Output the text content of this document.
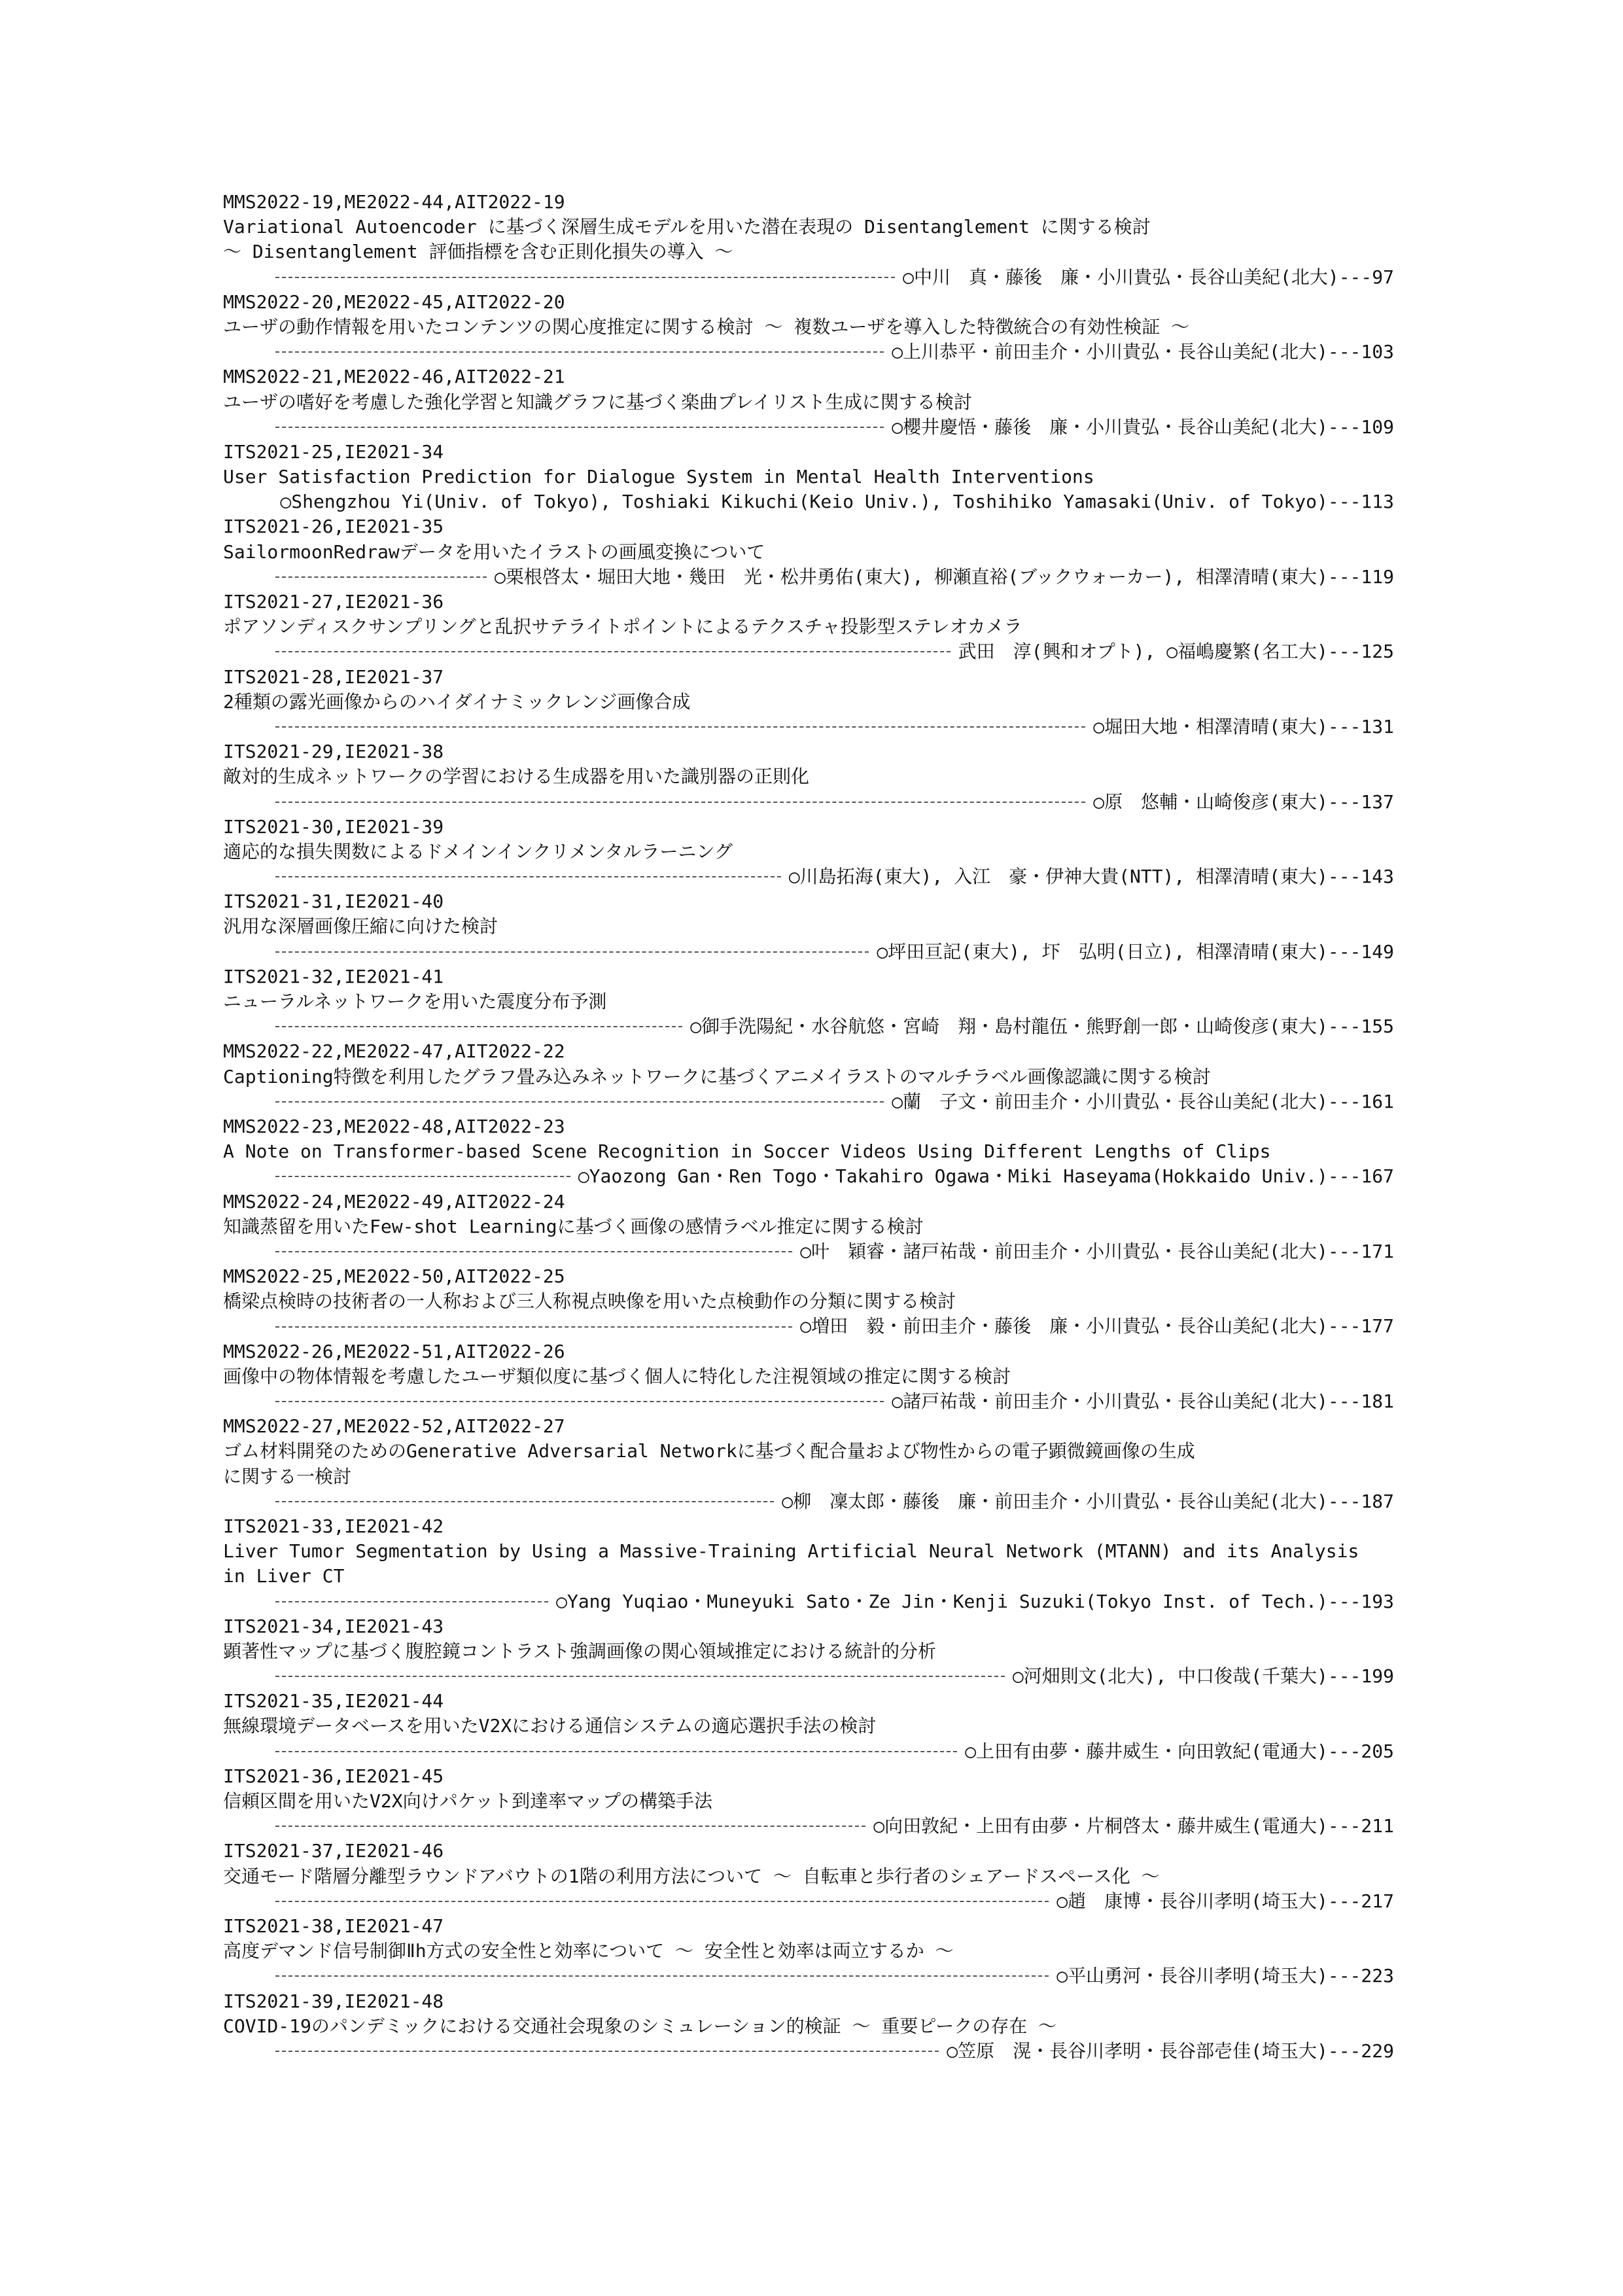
MMS2022-19,ME2022-44,AIT2022-19
Variational Autoencoder に基づく深層生成モデルを用いた潜在表現の Disentanglement に関する検討
〜 Disentanglement 評価指標を含む正則化損失の導入 〜
○中川　真・藤後　廉・小川貴弘・長谷山美紀(北大) --- 97
MMS2022-20,ME2022-45,AIT2022-20
ユーザの動作情報を用いたコンテンツの関心度推定に関する検討 〜 複数ユーザを導入した特徴統合の有効性検証 〜
○上川恭平・前田圭介・小川貴弘・長谷山美紀(北大) --- 103
MMS2022-21,ME2022-46,AIT2022-21
ユーザの嗜好を考慮した強化学習と知識グラフに基づく楽曲プレイリスト生成に関する検討
○櫻井慶悟・藤後　廉・小川貴弘・長谷山美紀(北大) --- 109
ITS2021-25,IE2021-34
User Satisfaction Prediction for Dialogue System in Mental Health Interventions
○Shengzhou Yi(Univ. of Tokyo), Toshiaki Kikuchi(Keio Univ.), Toshihiko Yamasaki(Univ. of Tokyo) --- 113
ITS2021-26,IE2021-35
SailormoonRedrawデータを用いたイラストの画風変換について
○栗根啓太・堀田大地・幾田　光・松井勇佑(東大), 柳瀬直裕(ブックウォーカー), 相澤清晴(東大) --- 119
ITS2021-27,IE2021-36
ポアソンディスクサンプリングと乱択サテライトポイントによるテクスチャ投影型ステレオカメラ
武田　淳(興和オプト), ○福嶋慶繁(名工大) --- 125
ITS2021-28,IE2021-37
2種類の露光画像からのハイダイナミックレンジ画像合成
○堀田大地・相澤清晴(東大) --- 131
ITS2021-29,IE2021-38
敵対的生成ネットワークの学習における生成器を用いた識別器の正則化
○原　悠輔・山崎俊彦(東大) --- 137
ITS2021-30,IE2021-39
適応的な損失関数によるドメインインクリメンタルラーニング
○川島拓海(東大), 入江　豪・伊神大貴(NTT), 相澤清晴(東大) --- 143
ITS2021-31,IE2021-40
汎用な深層画像圧縮に向けた検討
○坪田亘記(東大), 圷　弘明(日立), 相澤清晴(東大) --- 149
ITS2021-32,IE2021-41
ニューラルネットワークを用いた震度分布予測
○御手洗陽紀・水谷航悠・宮崎　翔・島村龍伍・熊野創一郎・山崎俊彦(東大) --- 155
MMS2022-22,ME2022-47,AIT2022-22
Captioning特徴を利用したグラフ畳み込みネットワークに基づくアニメイラストのマルチラベル画像認識に関する検討
○蘭　子文・前田圭介・小川貴弘・長谷山美紀(北大) --- 161
MMS2022-23,ME2022-48,AIT2022-23
A Note on Transformer-based Scene Recognition in Soccer Videos Using Different Lengths of Clips
○Yaozong Gan・Ren Togo・Takahiro Ogawa・Miki Haseyama(Hokkaido Univ.) --- 167
MMS2022-24,ME2022-49,AIT2022-24
知識蒸留を用いたFew-shot Learningに基づく画像の感情ラベル推定に関する検討
○叶　穎睿・諸戸祐哉・前田圭介・小川貴弘・長谷山美紀(北大) --- 171
MMS2022-25,ME2022-50,AIT2022-25
橋梁点検時の技術者の一人称および三人称視点映像を用いた点検動作の分類に関する検討
○増田　毅・前田圭介・藤後　廉・小川貴弘・長谷山美紀(北大) --- 177
MMS2022-26,ME2022-51,AIT2022-26
画像中の物体情報を考慮したユーザ類似度に基づく個人に特化した注視領域の推定に関する検討
○諸戸祐哉・前田圭介・小川貴弘・長谷山美紀(北大) --- 181
MMS2022-27,ME2022-52,AIT2022-27
ゴム材料開発のためのGenerative Adversarial Networkに基づく配合量および物性からの電子顕微鏡画像の生成
に関する一検討
○柳　凜太郎・藤後　廉・前田圭介・小川貴弘・長谷山美紀(北大) --- 187
ITS2021-33,IE2021-42
Liver Tumor Segmentation by Using a Massive-Training Artificial Neural Network (MTANN) and its Analysis
in Liver CT
○Yang Yuqiao・Muneyuki Sato・Ze Jin・Kenji Suzuki(Tokyo Inst. of Tech.) --- 193
ITS2021-34,IE2021-43
顕著性マップに基づく腹腔鏡コントラスト強調画像の関心領域推定における統計的分析
○河畑則文(北大), 中口俊哉(千葉大) --- 199
ITS2021-35,IE2021-44
無線環境データベースを用いたV2Xにおける通信システムの適応選択手法の検討
○上田有由夢・藤井威生・向田敦紀(電通大) --- 205
ITS2021-36,IE2021-45
信頼区間を用いたV2X向けパケット到達率マップの構築手法
○向田敦紀・上田有由夢・片桐啓太・藤井威生(電通大) --- 211
ITS2021-37,IE2021-46
交通モード階層分離型ラウンドアバウトの1階の利用方法について 〜 自転車と歩行者のシェアードスペース化 〜
○趙　康博・長谷川孝明(埼玉大) --- 217
ITS2021-38,IE2021-47
高度デマンド信号制御Ⅱh方式の安全性と効率について 〜 安全性と効率は両立するか 〜
○平山勇河・長谷川孝明(埼玉大) --- 223
ITS2021-39,IE2021-48
COVID-19のパンデミックにおける交通社会現象のシミュレーション的検証 〜 重要ピークの存在 〜
○笠原　滉・長谷川孝明・長谷部壱佳(埼玉大) --- 229
